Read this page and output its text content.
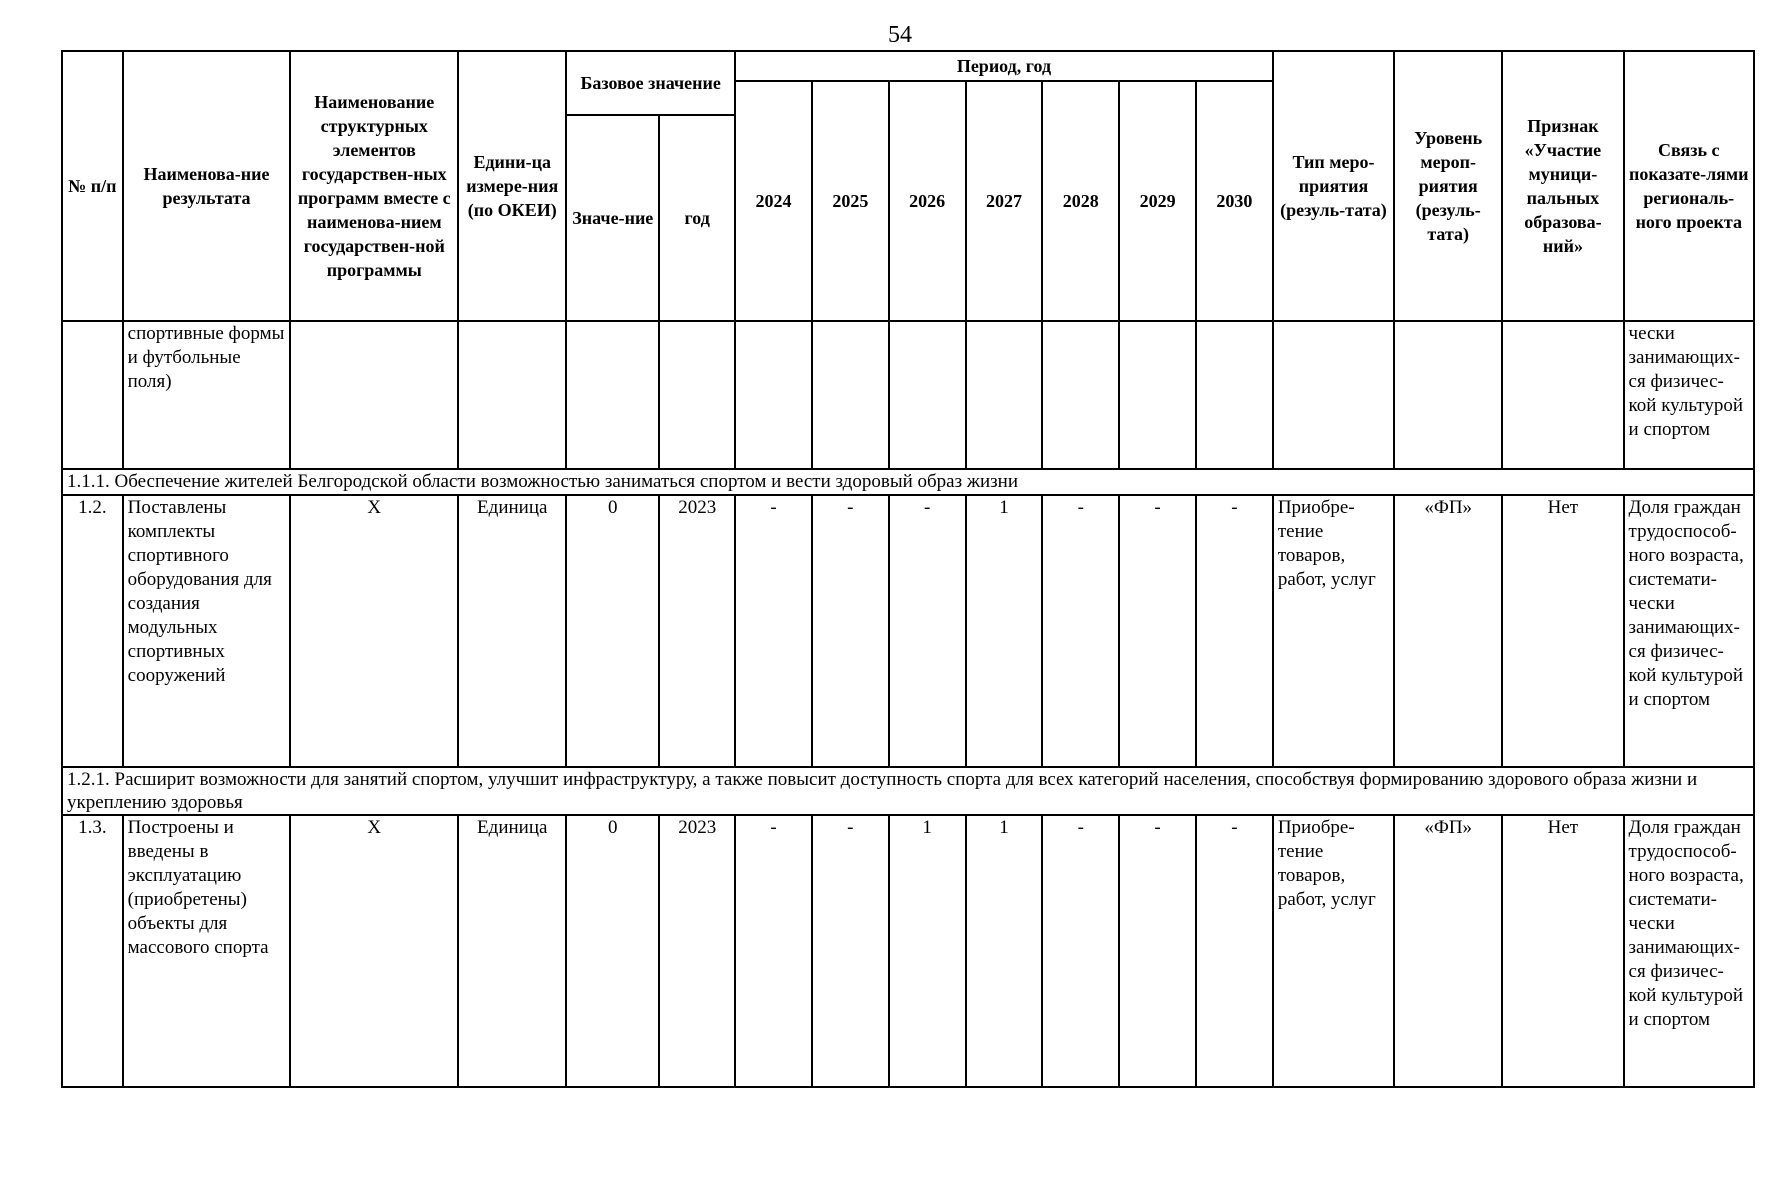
54
№ п/п	Наименова-ние результата	Наименование структурных элементов государствен-ных программ вместе с наименова-нием государствен-ной программы	Едини-ца измере-ния (по ОКЕИ)	Базовое значение		Период, год							Тип меро-приятия (резуль-тата)	Уровень мероп-риятия (резуль-тата)	Признак «Участие муници-пальных образова-ний»	Связь с показате-лями региональ-ного проекта
						2024	2025	2026	2027	2028	2029	2030				
				Значе-ние	год											
	спортивные формы и футбольные поля)															чески занимающих-ся физичес-кой культурой и спортом
1.1.1. Обеспечение жителей Белгородской области возможностью заниматься спортом и вести здоровый образ жизни																
1.2.	Поставлены комплекты спортивного оборудования для создания модульных спортивных сооружений	Х	Единица	0	2023	-	-	-	1	-	-	-	Приобре-тение товаров, работ, услуг	«ФП»	Нет	Доля граждан трудоспособ-ного возраста, системати-чески занимающих-ся физичес-кой культурой и спортом
1.2.1. Расширит возможности для занятий спортом, улучшит инфраструктуру, а также повысит доступность спорта для всех категорий населения, способствуя формированию здорового образа жизни и укреплению здоровья																
1.3.	Построены и введены в эксплуатацию (приобретены) объекты для массового спорта	Х	Единица	0	2023	-	-	1	1	-	-	-	Приобре-тение товаров, работ, услуг	«ФП»	Нет	Доля граждан трудоспособ-ного возраста, системати-чески занимающих-ся физичес-кой культурой и спортом
